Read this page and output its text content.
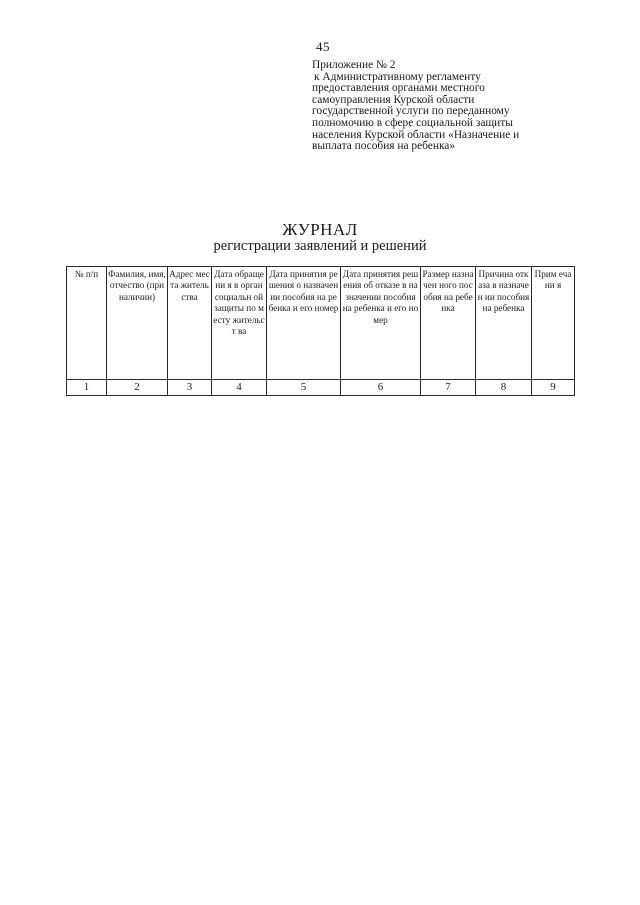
45
Приложение № 2
к Административному регламенту
предоставления органами местного
самоуправления Курской области
государственной услуги по переданному
полномочию в сфере социальной защиты
населения Курской области «Назначение и
выплата пособия на ребенка»
ЖУРНАЛ
регистрации заявлений и решений
№ п/п	Фамилия, имя, отчество (при наличии)	Адрес места житель ства	Дата обращени я в орган социальн ой защиты по месту жительст ва	Дата принятия решения о назначении пособия на ребенка и его номер	Дата принятия решения об отказе в назначении пособия на ребенка и его номер	Размер назначен ного пособия на ребенка	Причина отказа в назначен ии пособия на ребенка	Прим ечани я

1	2	3	4	5	6	7	8	9
